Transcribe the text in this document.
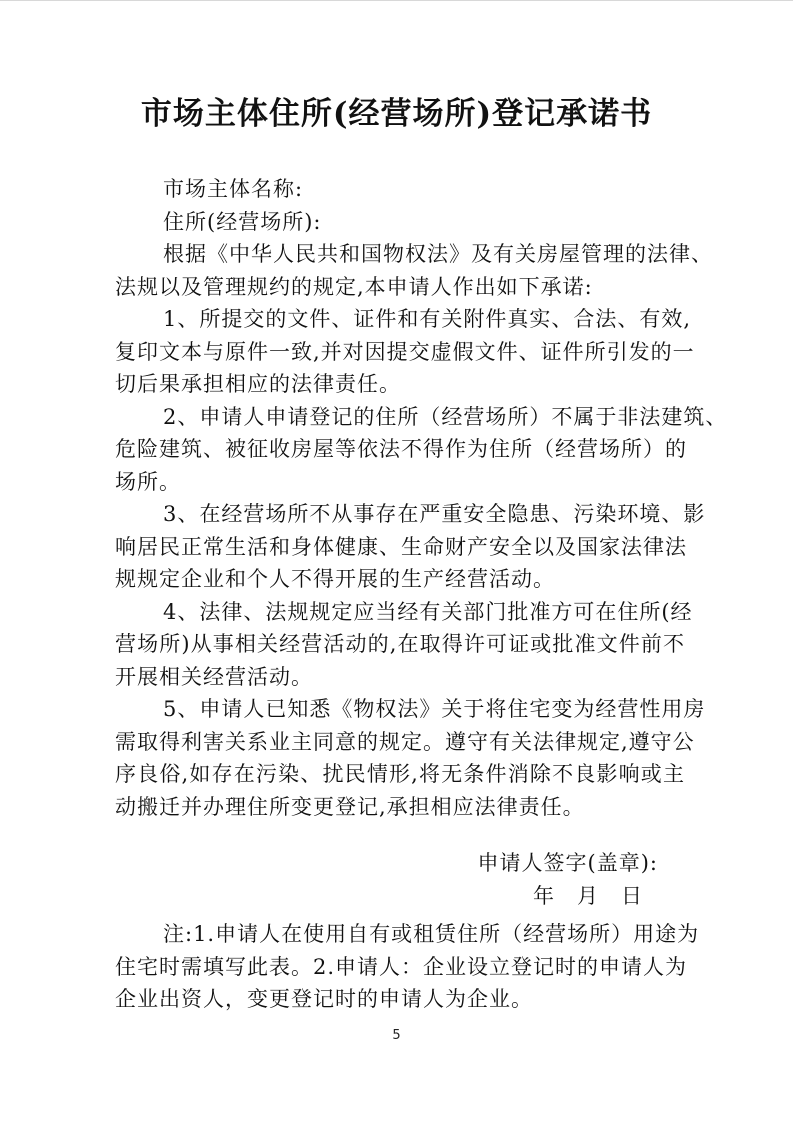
市场主体住所(经营场所)登记承诺书
市场主体名称:
住所(经营场所):
根据《中华人民共和国物权法》及有关房屋管理的法律、
法规以及管理规约的规定,本申请人作出如下承诺:
1、所提交的文件、证件和有关附件真实、合法、有效,
复印文本与原件一致,并对因提交虚假文件、证件所引发的一
切后果承担相应的法律责任。
2、申请人申请登记的住所（经营场所）不属于非法建筑、
危险建筑、被征收房屋等依法不得作为住所（经营场所）的
场所。
3、在经营场所不从事存在严重安全隐患、污染环境、影
响居民正常生活和身体健康、生命财产安全以及国家法律法
规规定企业和个人不得开展的生产经营活动。
4、法律、法规规定应当经有关部门批准方可在住所(经
营场所)从事相关经营活动的,在取得许可证或批准文件前不
开展相关经营活动。
5、申请人已知悉《物权法》关于将住宅变为经营性用房
需取得利害关系业主同意的规定。遵守有关法律规定,遵守公
序良俗,如存在污染、扰民情形,将无条件消除不良影响或主
动搬迁并办理住所变更登记,承担相应法律责任。
申请人签字(盖章):
年　月　日
注:1.申请人在使用自有或租赁住所（经营场所）用途为
住宅时需填写此表。2.申请人：企业设立登记时的申请人为
企业出资人，变更登记时的申请人为企业。
5
